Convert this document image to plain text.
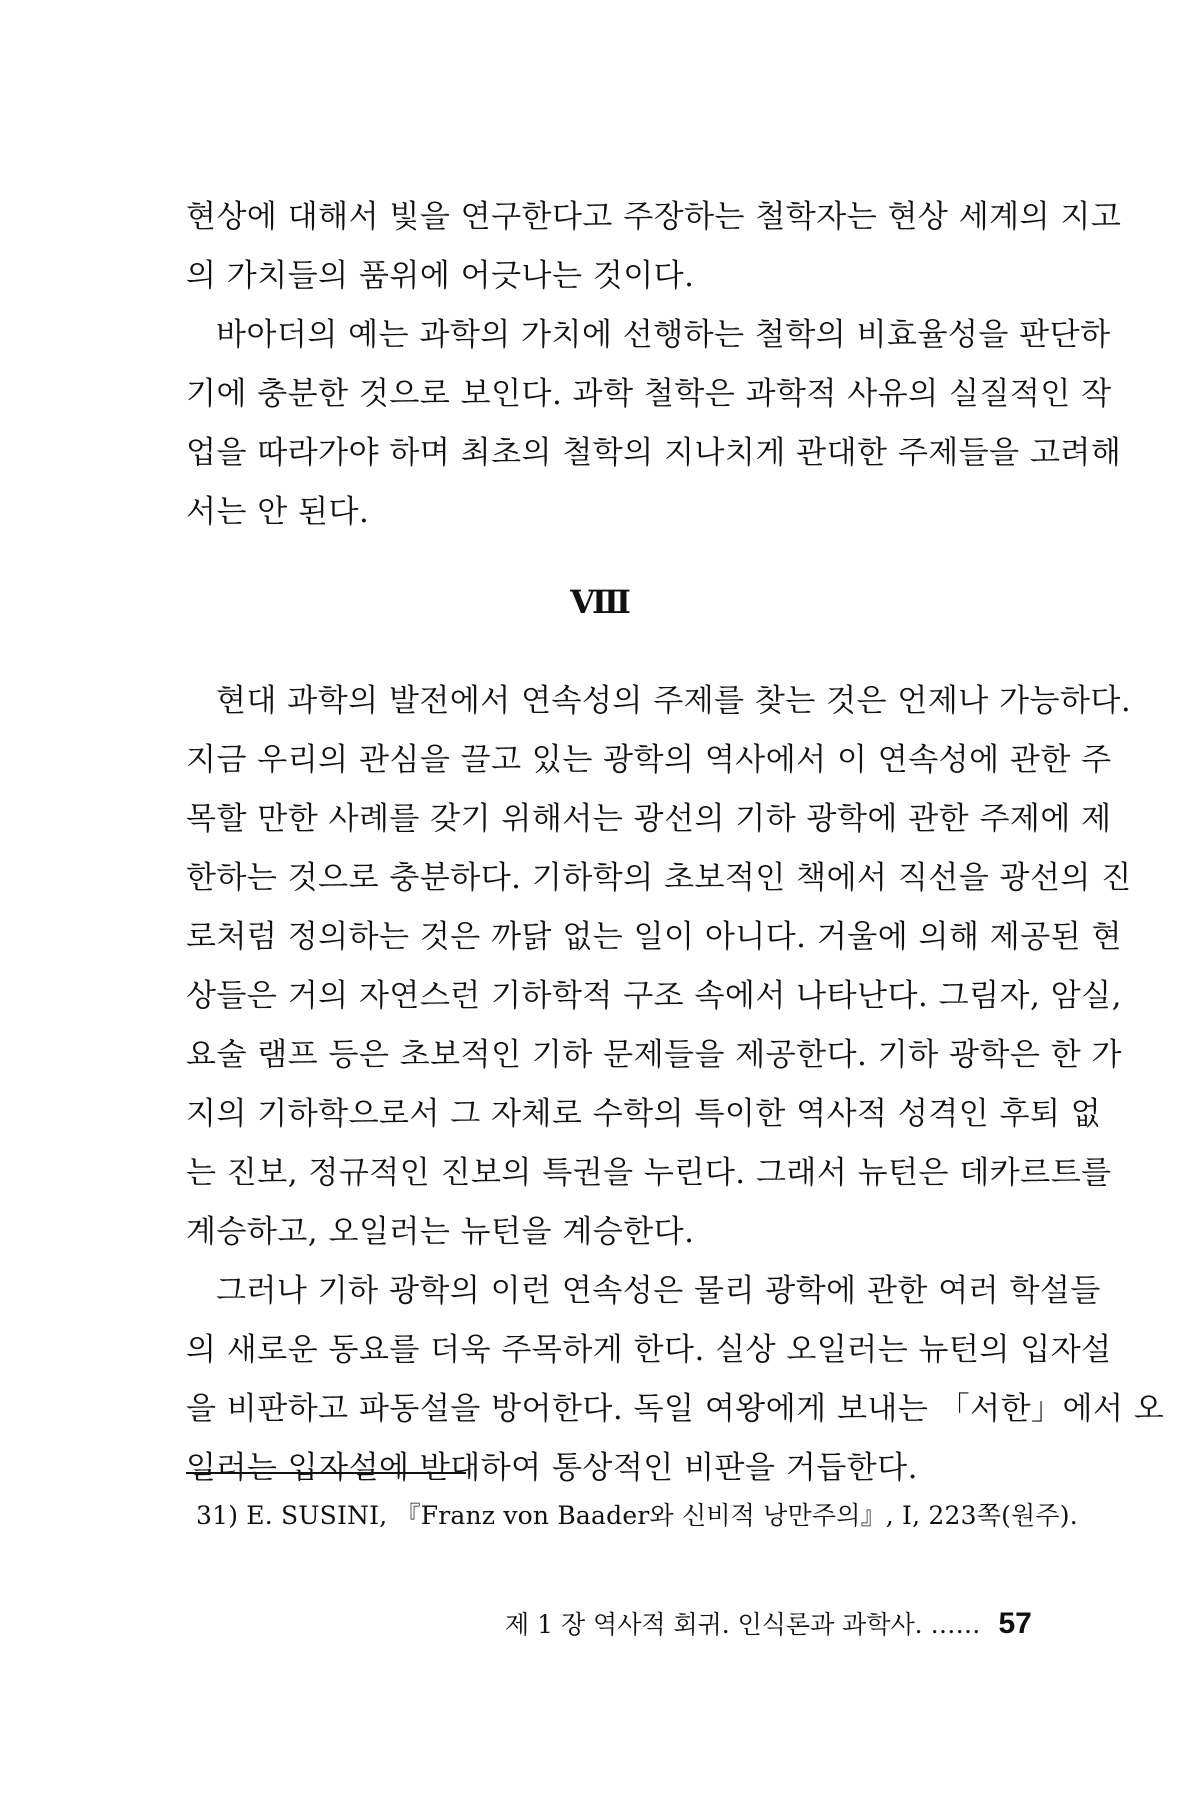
현상에 대해서 빛을 연구한다고 주장하는 철학자는 현상 세계의 지고
의 가치들의 품위에 어긋나는 것이다.
바아더의 예는 과학의 가치에 선행하는 철학의 비효율성을 판단하
기에 충분한 것으로 보인다. 과학 철학은 과학적 사유의 실질적인 작
업을 따라가야 하며 최초의 철학의 지나치게 관대한 주제들을 고려해
서는 안 된다.
Ⅷ
현대 과학의 발전에서 연속성의 주제를 찾는 것은 언제나 가능하다.
지금 우리의 관심을 끌고 있는 광학의 역사에서 이 연속성에 관한 주
목할 만한 사례를 갖기 위해서는 광선의 기하 광학에 관한 주제에 제
한하는 것으로 충분하다. 기하학의 초보적인 책에서 직선을 광선의 진
로처럼 정의하는 것은 까닭 없는 일이 아니다. 거울에 의해 제공된 현
상들은 거의 자연스런 기하학적 구조 속에서 나타난다. 그림자, 암실,
요술 램프 등은 초보적인 기하 문제들을 제공한다. 기하 광학은 한 가
지의 기하학으로서 그 자체로 수학의 특이한 역사적 성격인 후퇴 없
는 진보, 정규적인 진보의 특권을 누린다. 그래서 뉴턴은 데카르트를
계승하고, 오일러는 뉴턴을 계승한다.
그러나 기하 광학의 이런 연속성은 물리 광학에 관한 여러 학설들
의 새로운 동요를 더욱 주목하게 한다. 실상 오일러는 뉴턴의 입자설
을 비판하고 파동설을 방어한다. 독일 여왕에게 보내는 「서한」에서 오
일러는 입자설에 반대하여 통상적인 비판을 거듭한다.
31) E. SUSINI, 『Franz von Baader와 신비적 낭만주의』, I, 223쪽(원주).
제 1 장 역사적 회귀. 인식론과 과학사. …… 57
